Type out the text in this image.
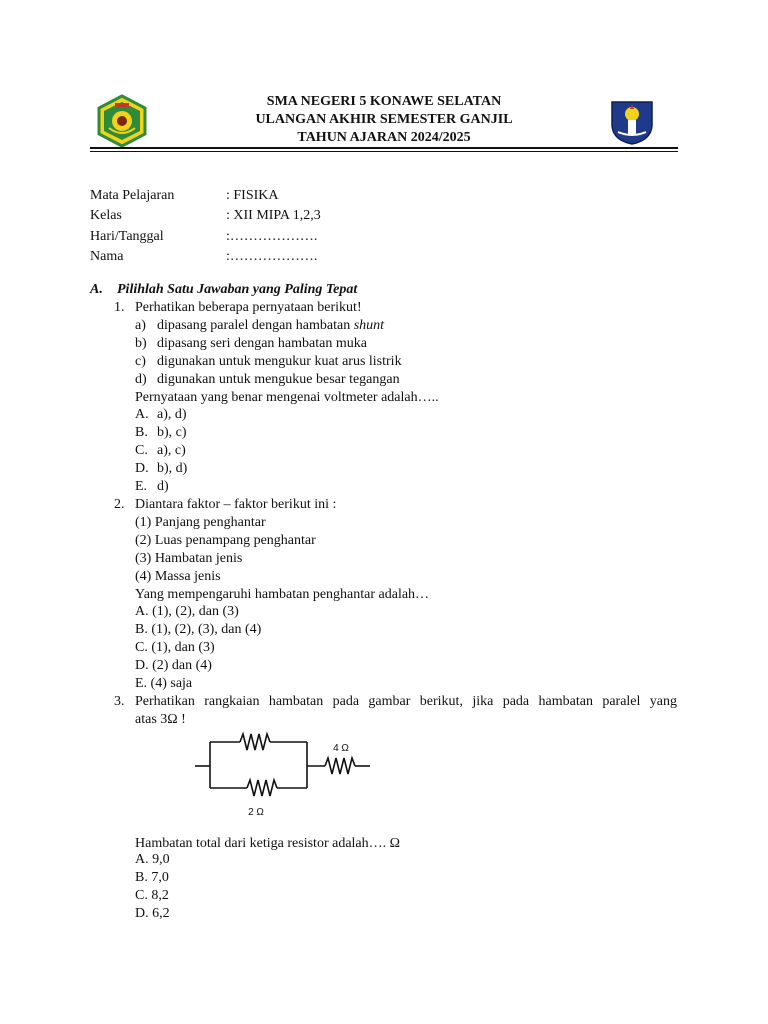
SMA NEGERI 5 KONAWE SELATAN
ULANGAN AKHIR SEMESTER GANJIL
TAHUN AJARAN 2024/2025
Mata Pelajaran	: FISIKA
Kelas	: XII MIPA 1,2,3
Hari/Tanggal	:……………….
Nama	:……………….
A. Pilihlah Satu Jawaban yang Paling Tepat
1. Perhatikan beberapa pernyataan berikut!
a) dipasang paralel dengan hambatan shunt
b) dipasang seri dengan hambatan muka
c) digunakan untuk mengukur kuat arus listrik
d) digunakan untuk mengukue besar tegangan
Pernyataan yang benar mengenai voltmeter adalah…..
A. a), d)
B. b), c)
C. a), c)
D. b), d)
E. d)
2. Diantara faktor – faktor berikut ini :
(1) Panjang penghantar
(2) Luas penampang penghantar
(3) Hambatan jenis
(4) Massa jenis
Yang mempengaruhi hambatan penghantar adalah…
A. (1), (2), dan (3)
B. (1), (2), (3), dan (4)
C. (1), dan (3)
D. (2) dan (4)
E. (4) saja
3. Perhatikan rangkaian hambatan pada gambar berikut, jika pada hambatan paralel yang
atas 3Ω !
4 Ω
2 Ω
Hambatan total dari ketiga resistor adalah…. Ω
A. 9,0
B. 7,0
C. 8,2
D. 6,2
